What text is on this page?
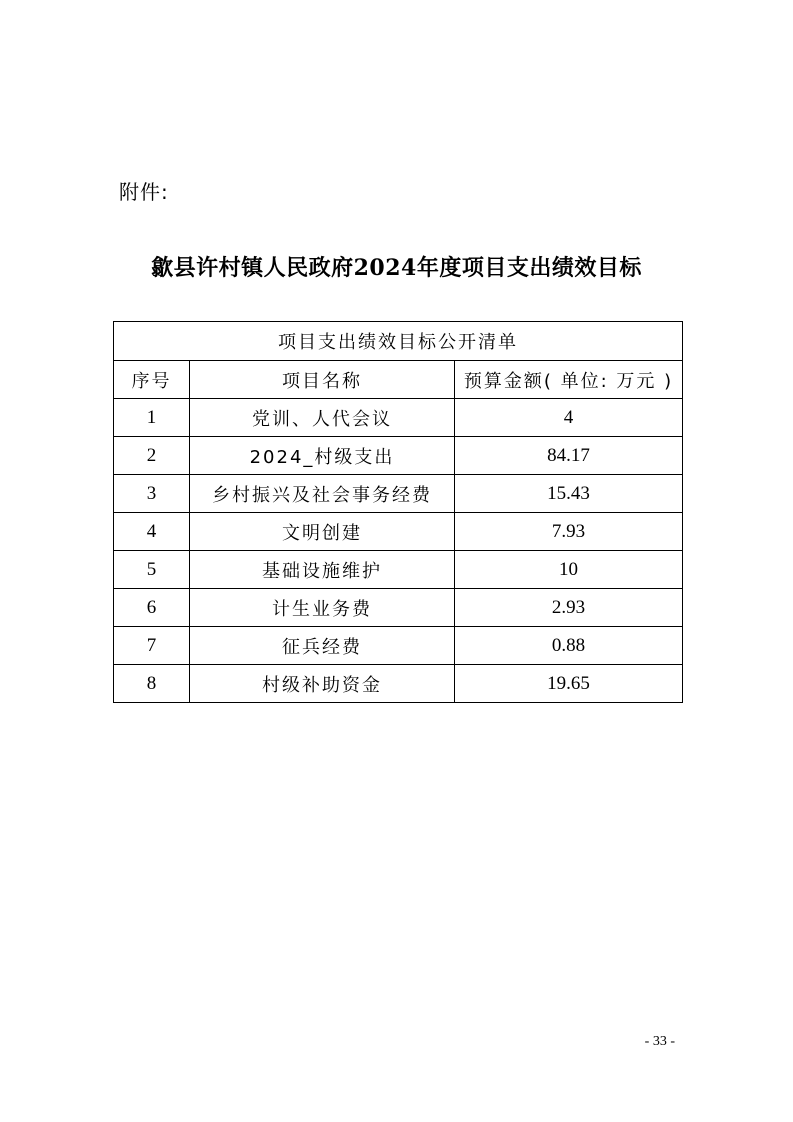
附件:
歙县许村镇人民政府2024年度项目支出绩效目标
项目支出绩效目标公开清单		
序号	项目名称	预算金额( 单位: 万元 )
1	党训、人代会议	4
2	2024_村级支出	84.17
3	乡村振兴及社会事务经费	15.43
4	文明创建	7.93
5	基础设施维护	10
6	计生业务费	2.93
7	征兵经费	0.88
8	村级补助资金	19.65
- 33 -
